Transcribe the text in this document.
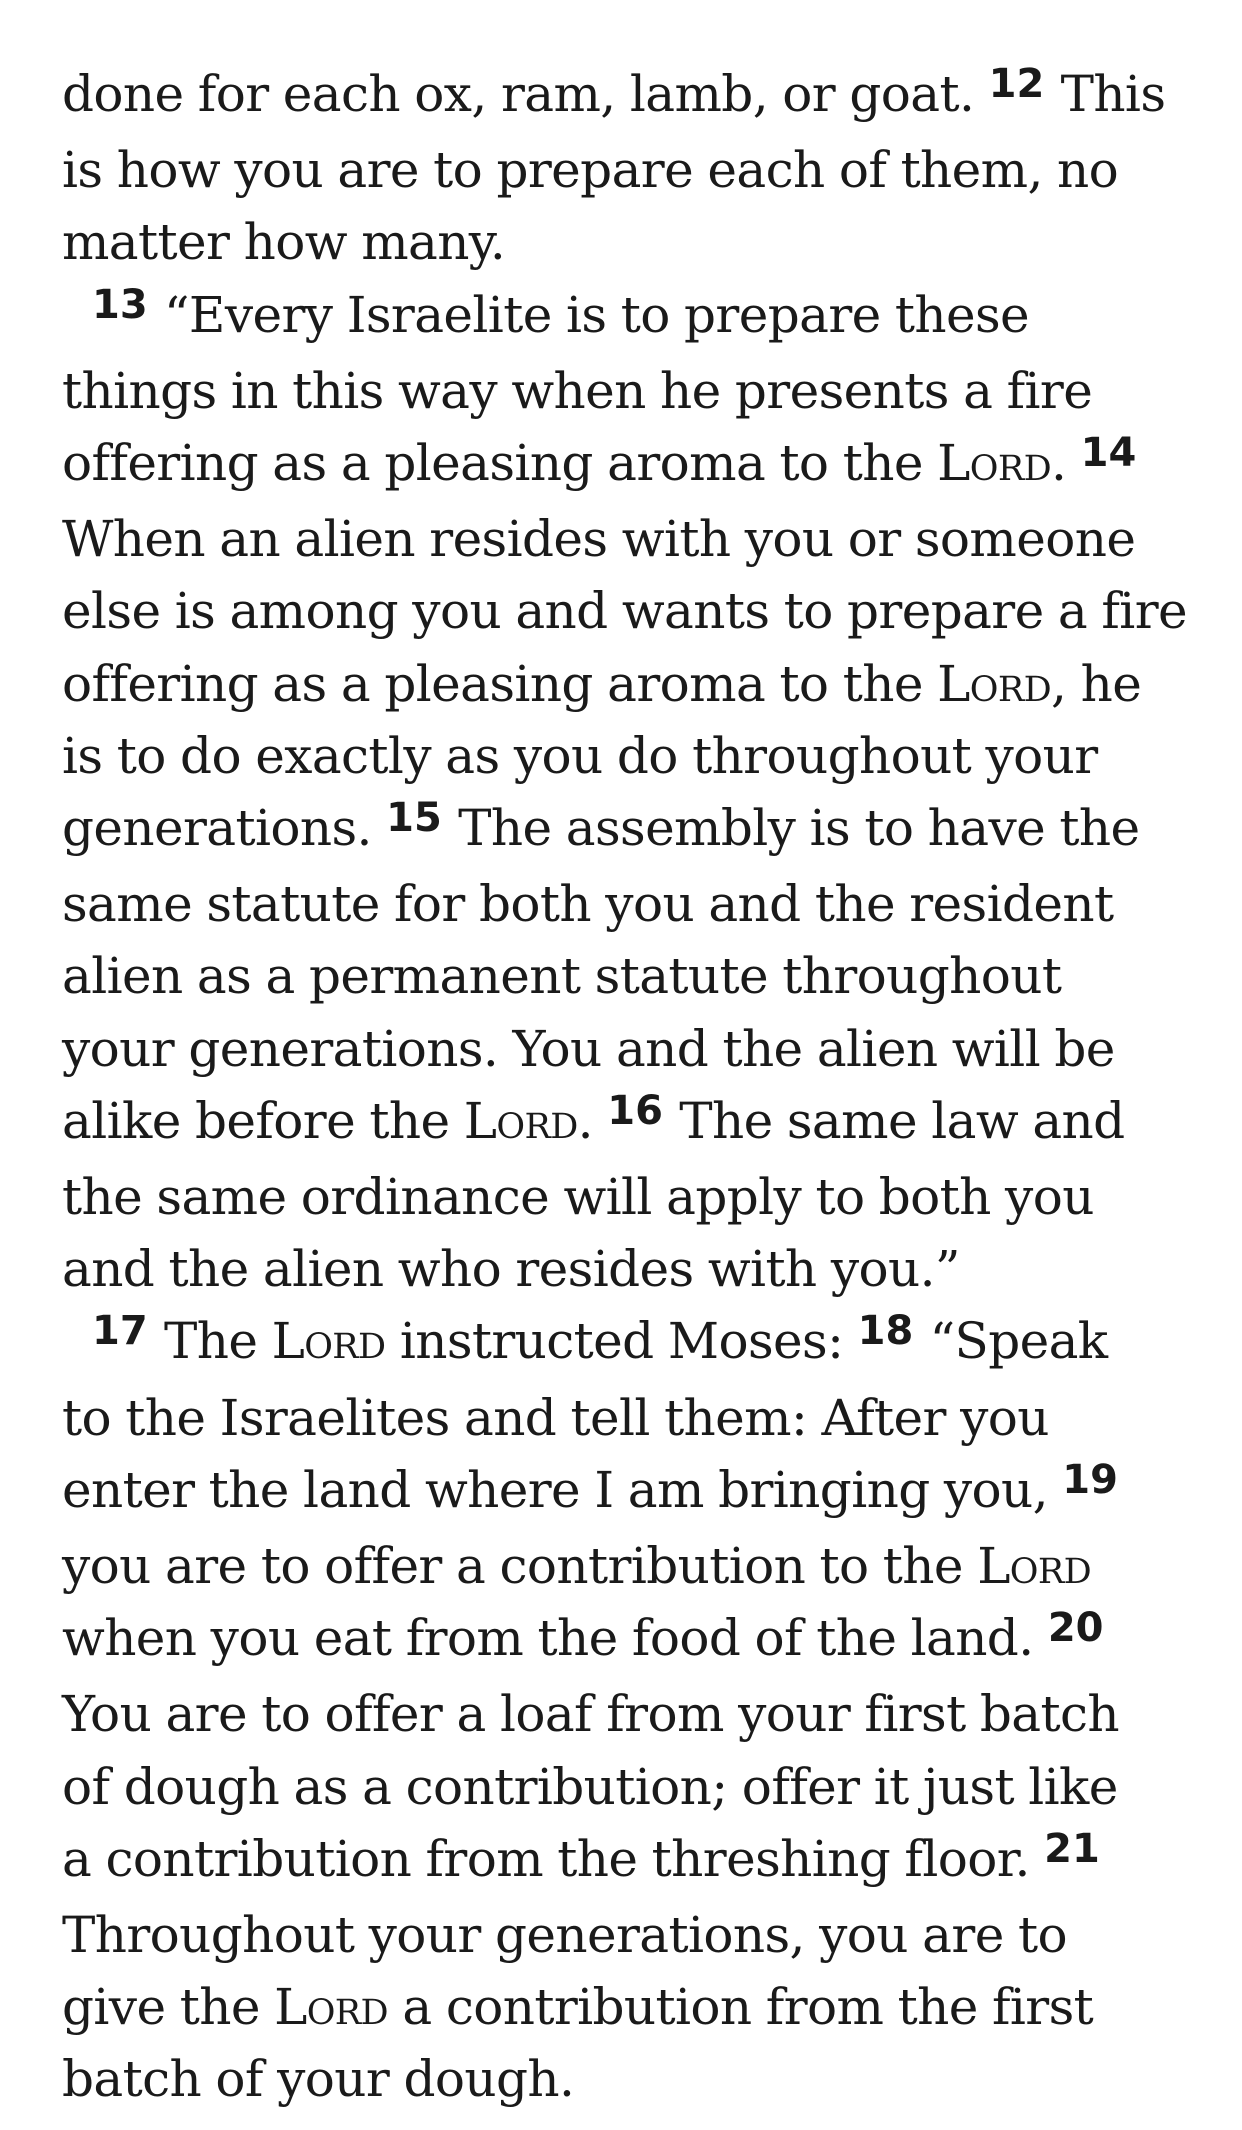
done for each ox, ram, lamb, or goat. $^{12}$ This
is how you are to prepare each of them, no
matter how many.
$^{13}$ “Every Israelite is to prepare these
things in this way when he presents a fire
offering as a pleasing aroma to the Lord. $^{14}$
When an alien resides with you or someone
else is among you and wants to prepare a fire
offering as a pleasing aroma to the Lord, he
is to do exactly as you do throughout your
generations. $^{15}$ The assembly is to have the
same statute for both you and the resident
alien as a permanent statute throughout
your generations. You and the alien will be
alike before the Lord. $^{16}$ The same law and
the same ordinance will apply to both you
and the alien who resides with you.”
$^{17}$ The Lord instructed Moses: $^{18}$ “Speak
to the Israelites and tell them: After you
enter the land where I am bringing you, $^{19}$
you are to offer a contribution to the Lord
when you eat from the food of the land. $^{20}$
You are to offer a loaf from your first batch
of dough as a contribution; offer it just like
a contribution from the threshing floor. $^{21}$
Throughout your generations, you are to
give the Lord a contribution from the first
batch of your dough.
